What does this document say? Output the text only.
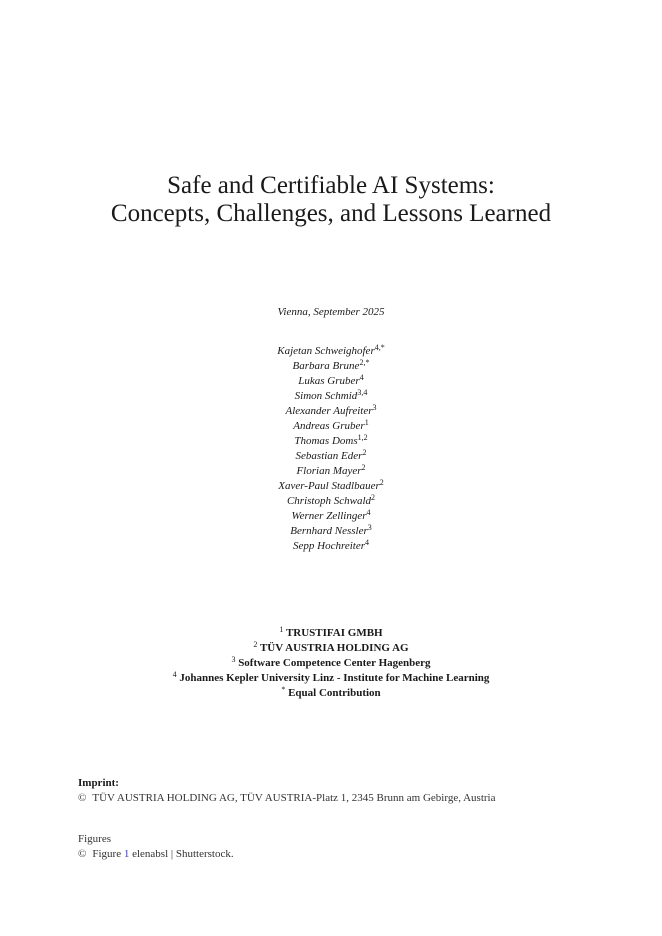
Safe and Certifiable AI Systems:
Concepts, Challenges, and Lessons Learned
Vienna, September 2025
Kajetan Schweighofer$^{4,*}$
Barbara Brune$^{2,*}$
Lukas Gruber$^4$
Simon Schmid$^{3,4}$
Alexander Aufreiter$^3$
Andreas Gruber$^1$
Thomas Doms$^{1,2}$
Sebastian Eder$^2$
Florian Mayer$^2$
Xaver-Paul Stadlbauer$^2$
Christoph Schwald$^2$
Werner Zellinger$^4$
Bernhard Nessler$^3$
Sepp Hochreiter$^4$
$^1$ TRUSTIFAI GMBH
$^2$ TÜV AUSTRIA HOLDING AG
$^3$ Software Competence Center Hagenberg
$^4$ Johannes Kepler University Linz - Institute for Machine Learning
* Equal Contribution
Imprint:
© TÜV AUSTRIA HOLDING AG, TÜV AUSTRIA-Platz 1, 2345 Brunn am Gebirge, Austria
Figures
© Figure 1 elenabsl | Shutterstock.
